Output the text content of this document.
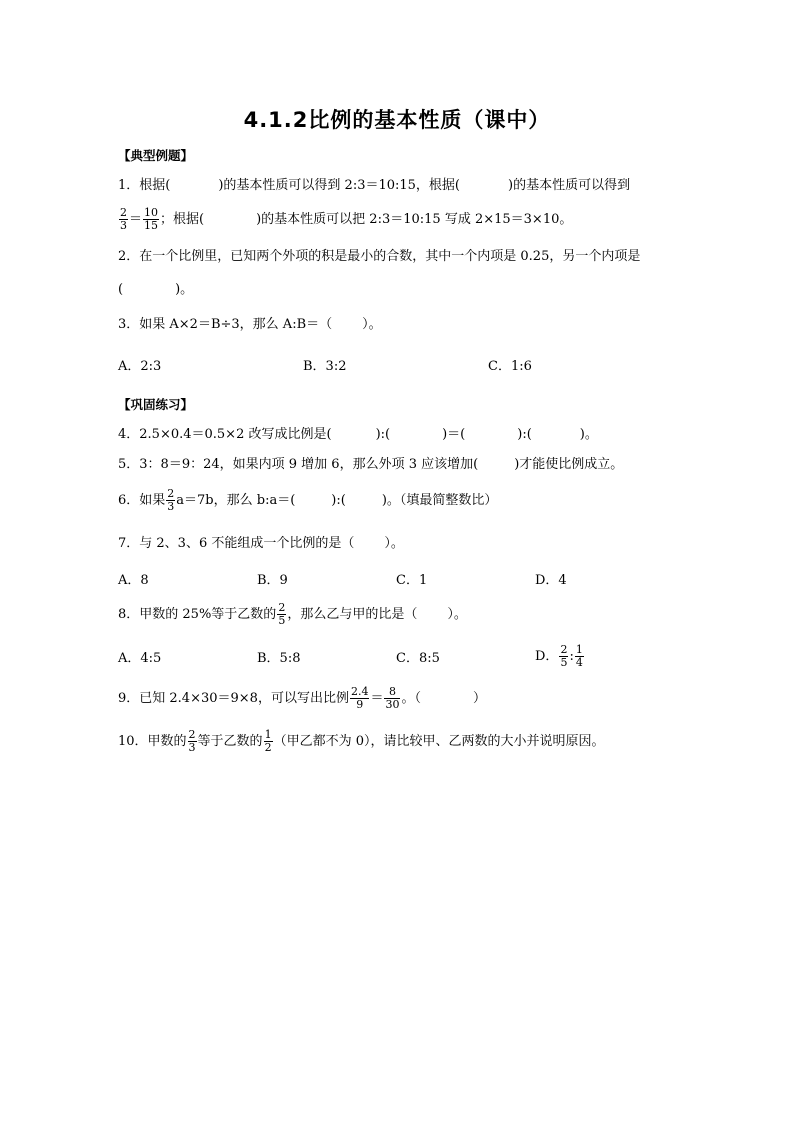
4.1.2比例的基本性质（课中）
【典型例题】
1．根据(	)的基本性质可以得到 2:3＝10:15，根据(	)的基本性质可以得到
$\frac{2}{3} = \frac{10}{15}$ ；根据(	)的基本性质可以把 2:3＝10:15 写成 2×15＝3×10。
2．在一个比例里，已知两个外项的积是最小的合数，其中一个内项是 0.25，另一个内项是
(	)。
3．如果 A×2＝B÷3，那么 A:B＝（ ）。
A．2:3	B．3:2	C．1:6
【巩固练习】
4．2.5×0.4＝0.5×2 改写成比例是(	):(	)＝(	):(	)。
5．3：8＝9：24，如果内项 9 增加 6，那么外项 3 应该增加(	)才能使比例成立。
6．如果 $\frac{2}{3} a=7b$，那么 b:a＝(	):(	)。（填最简整数比）
7．与 2、3、6 不能组成一个比例的是（ ）。
A．8	B．9	C．1	D．4
8．甲数的 25%等于乙数的 $\frac{2}{5}$ ，那么乙与甲的比是（ ）。
A．4:5	B．5:8	C．8:5	D． $\frac{2}{5}$ : $\frac{1}{4}$
9．已知 2.4×30＝9×8，可以写出比例 $\frac{2.4}{9} = \frac{8}{30}$ 。（	）
10．甲数的 $\frac{2}{3}$ 等于乙数的 $\frac{1}{2}$ （甲乙都不为 0），请比较甲、乙两数的大小并说明原因。
